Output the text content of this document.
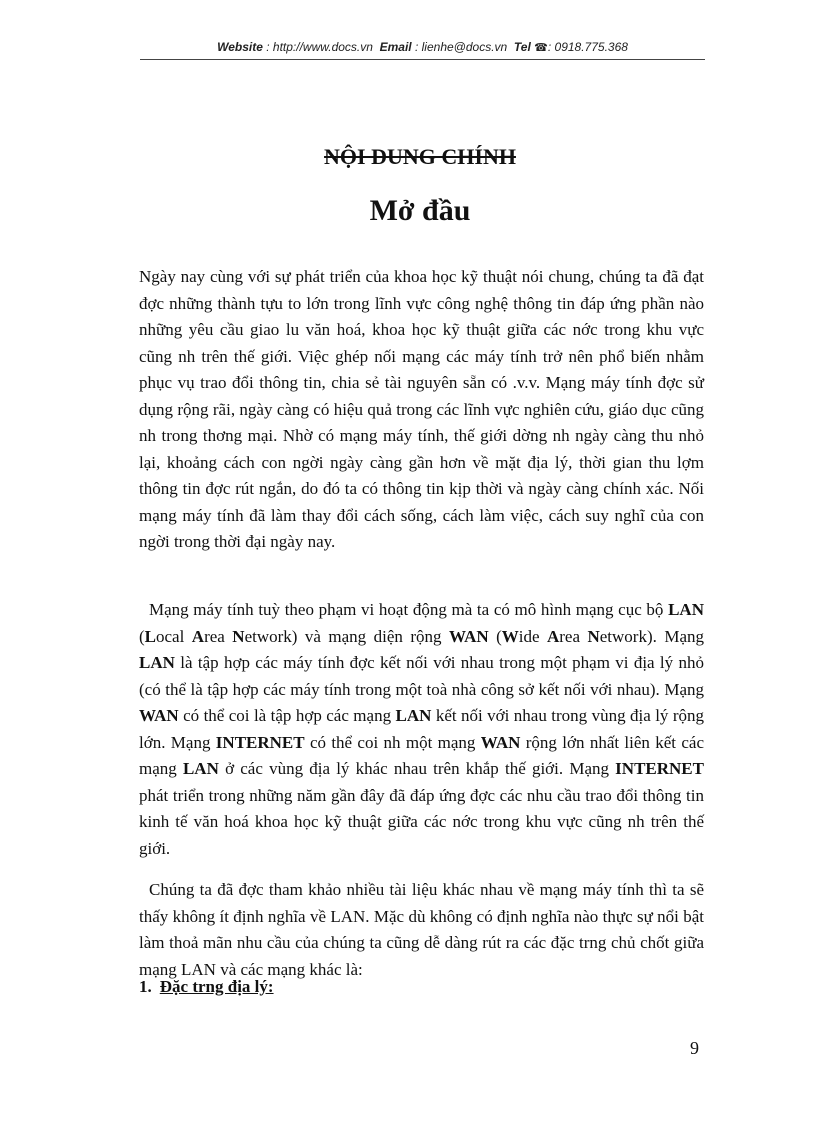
Website : http://www.docs.vn Email : lienhe@docs.vn Tel ☎: 0918.775.368
NỘI DUNG CHÍNH
Mở đầu

Ngày nay cùng với sự phát triển của khoa học kỹ thuật nói chung, chúng ta đã đạt đợc những thành tựu to lớn trong lĩnh vực công nghệ thông tin đáp ứng phần nào những yêu cầu giao lu văn hoá, khoa học kỹ thuật giữa các nớc trong khu vực cũng nh trên thế giới. Việc ghép nối mạng các máy tính trở nên phổ biến nhằm phục vụ trao đổi thông tin, chia sẻ tài nguyên sẵn có .v.v. Mạng máy tính đợc sử dụng rộng rãi, ngày càng có hiệu quả trong các lĩnh vực nghiên cứu, giáo dục cũng nh trong thơng mại. Nhờ có mạng máy tính, thế giới dờng nh ngày càng thu nhỏ lại, khoảng cách con ngời ngày càng gần hơn về mặt địa lý, thời gian thu lợm thông tin đợc rút ngắn, do đó ta có thông tin kịp thời và ngày càng chính xác. Nối mạng máy tính đã làm thay đổi cách sống, cách làm việc, cách suy nghĩ của con ngời trong thời đại ngày nay.

Mạng máy tính tuỳ theo phạm vi hoạt động mà ta có mô hình mạng cục bộ LAN (Local Area Network) và mạng diện rộng WAN (Wide Area Network). Mạng LAN là tập hợp các máy tính đợc kết nối với nhau trong một phạm vi địa lý nhỏ (có thể là tập hợp các máy tính trong một toà nhà công sở kết nối với nhau). Mạng WAN có thể coi là tập hợp các mạng LAN kết nối với nhau trong vùng địa lý rộng lớn. Mạng INTERNET có thể coi nh một mạng WAN rộng lớn nhất liên kết các mạng LAN ở các vùng địa lý khác nhau trên khắp thế giới. Mạng INTERNET phát triển trong những năm gần đây đã đáp ứng đợc các nhu cầu trao đổi thông tin kinh tế văn hoá khoa học kỹ thuật giữa các nớc trong khu vực cũng nh trên thế giới.

Chúng ta đã đợc tham khảo nhiều tài liệu khác nhau về mạng máy tính thì ta sẽ thấy không ít định nghĩa về LAN. Mặc dù không có định nghĩa nào thực sự nổi bật làm thoả mãn nhu cầu của chúng ta cũng dễ dàng rút ra các đặc trng chủ chốt giữa mạng LAN và các mạng khác là:

1. Đặc trng địa lý:
9
